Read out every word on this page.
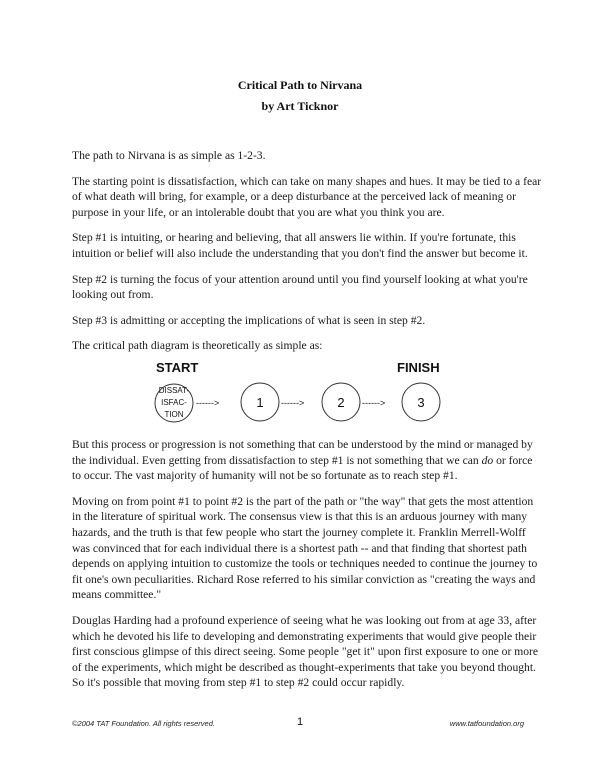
Critical Path to Nirvana
by Art Ticknor

The path to Nirvana is as simple as 1-2-3.

The starting point is dissatisfaction, which can take on many shapes and hues. It may be tied to a fear of what death will bring, for example, or a deep disturbance at the perceived lack of meaning or purpose in your life, or an intolerable doubt that you are what you think you are.

Step #1 is intuiting, or hearing and believing, that all answers lie within. If you're fortunate, this intuition or belief will also include the understanding that you don't find the answer but become it.

Step #2 is turning the focus of your attention around until you find yourself looking at what you're looking out from.

Step #3 is admitting or accepting the implications of what is seen in step #2.

The critical path diagram is theoretically as simple as:

START	FINISH
DISSAT-
ISFAC-
TION
------>	------>	------>
1	2	3

But this process or progression is not something that can be understood by the mind or managed by the individual. Even getting from dissatisfaction to step #1 is not something that we can do or force to occur. The vast majority of humanity will not be so fortunate as to reach step #1.

Moving on from point #1 to point #2 is the part of the path or "the way" that gets the most attention in the literature of spiritual work. The consensus view is that this is an arduous journey with many hazards, and the truth is that few people who start the journey complete it. Franklin Merrell-Wolff was convinced that for each individual there is a shortest path -- and that finding that shortest path depends on applying intuition to customize the tools or techniques needed to continue the journey to fit one's own peculiarities. Richard Rose referred to his similar conviction as "creating the ways and means committee."

Douglas Harding had a profound experience of seeing what he was looking out from at age 33, after which he devoted his life to developing and demonstrating experiments that would give people their first conscious glimpse of this direct seeing. Some people "get it" upon first exposure to one or more of the experiments, which might be described as thought-experiments that take you beyond thought. So it's possible that moving from step #1 to step #2 could occur rapidly.

©2004 TAT Foundation. All rights reserved.	1	www.tatfoundation.org
